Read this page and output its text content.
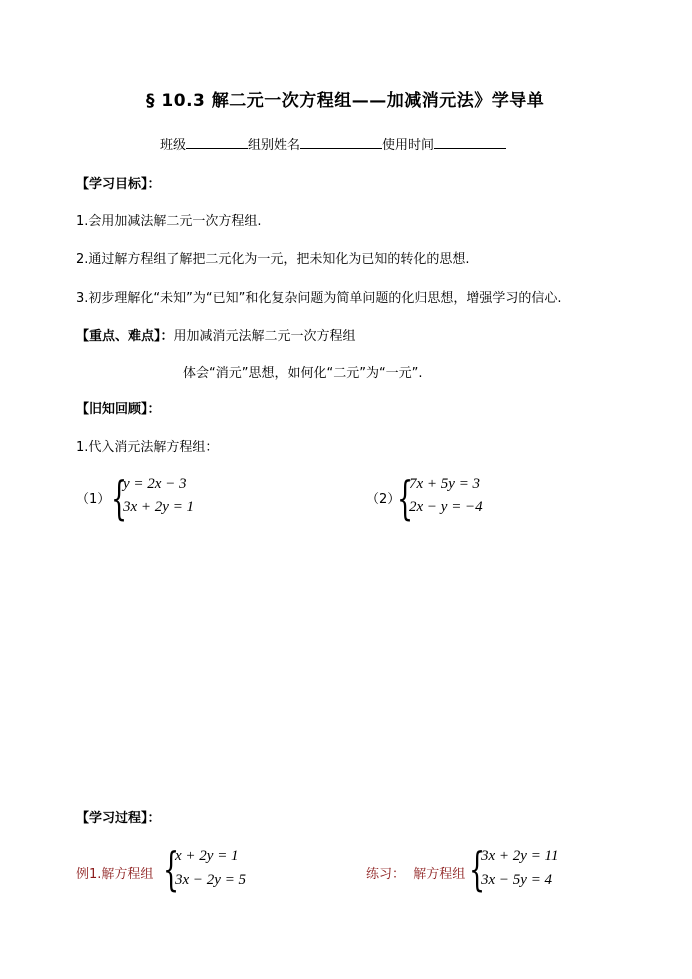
§ 10.3 解二元一次方程组——加减消元法》学导单
班级	组别姓名	使用时间
【学习目标】：
1.会用加减法解二元一次方程组.
2.通过解方程组了解把二元化为一元，把未知化为已知的转化的思想.
3.初步理解化“未知”为“已知”和化复杂问题为简单问题的化归思想，增强学习的信心.
【重点、难点】：用加减消元法解二元一次方程组
体会“消元”思想，如何化“二元”为“一元”.
【旧知回顾】：
1.代入消元法解方程组：
（1） {
y = 2x − 3
3x + 2y = 1	（2）
{
7x + 5y = 3
2x − y = −4
【学习过程】：
例1.解方程组 {
x + 2y = 1
3x − 2y = 5	练习： 解方程组 {
3x + 2y = 11
3x − 5y = 4
